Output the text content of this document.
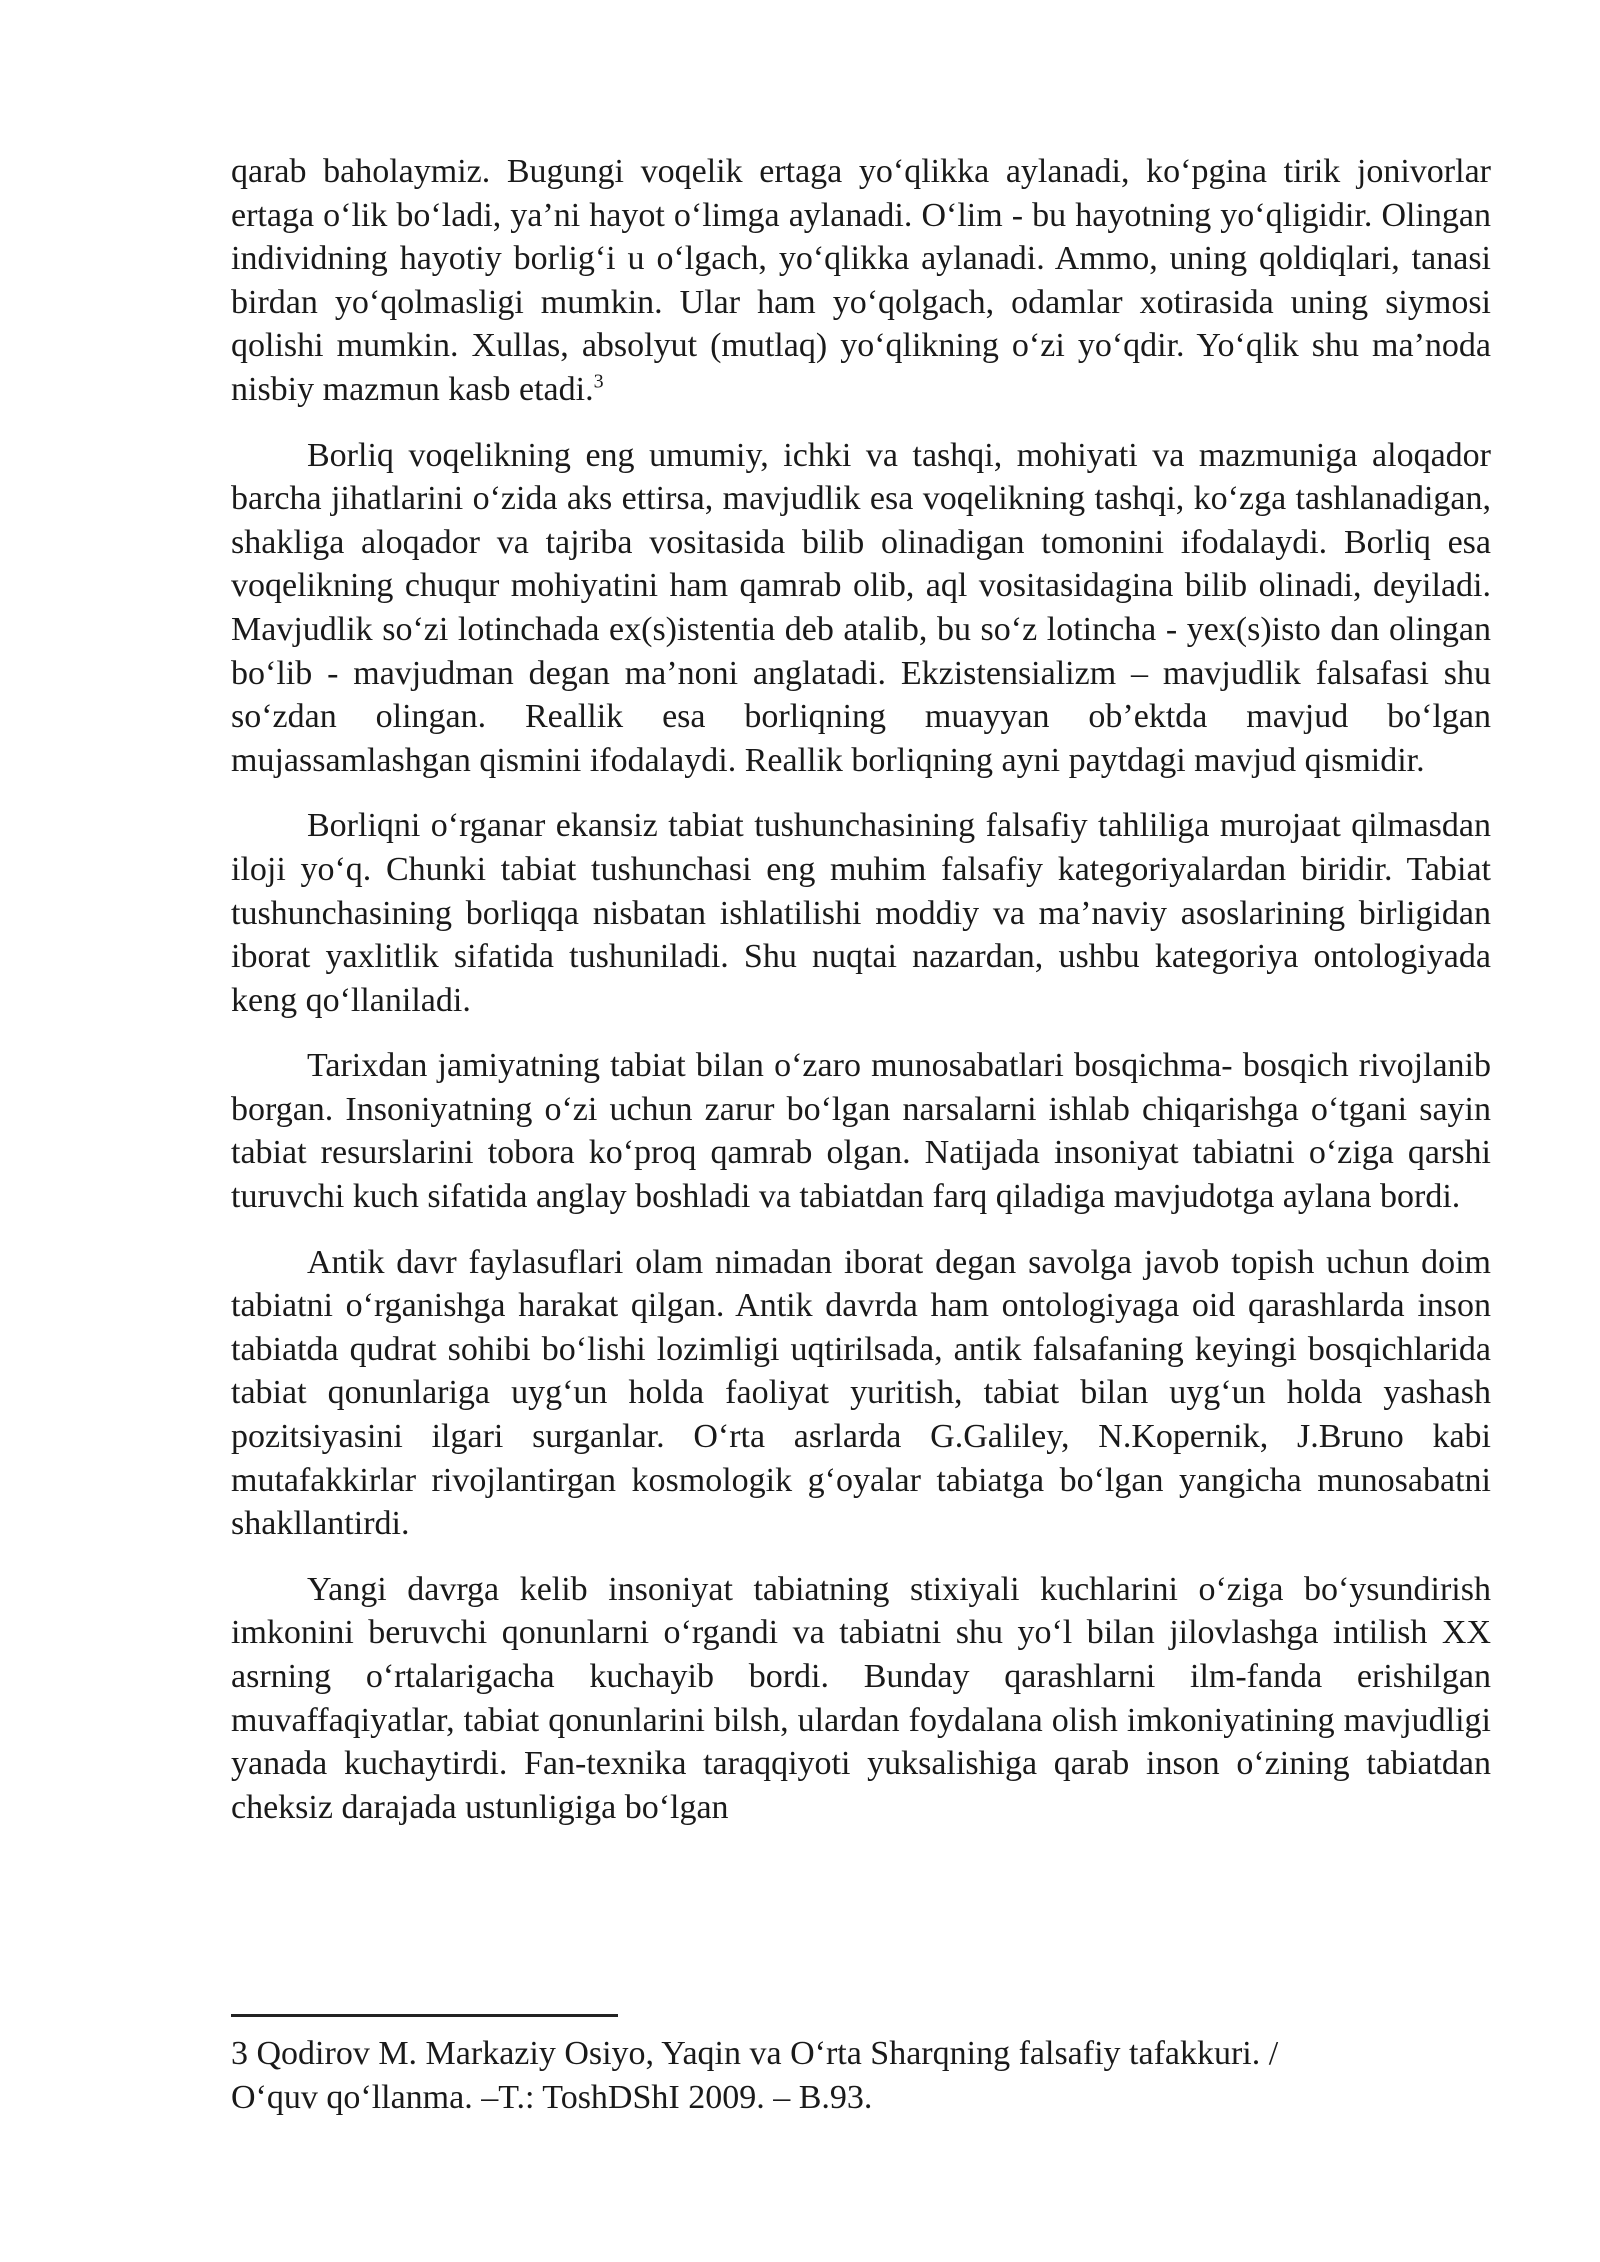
qarab baholaymiz. Bugungi voqelik ertaga yo‘qlikka aylanadi, ko‘pgina tirik jonivorlar ertaga o‘lik bo‘ladi, ya’ni hayot o‘limga aylanadi. O‘lim - bu hayotning yo‘qligidir. Olingan individning hayotiy borlig‘i u o‘lgach, yo‘qlikka aylanadi. Ammo, uning qoldiqlari, tanasi birdan yo‘qolmasligi mumkin. Ular ham yo‘qolgach, odamlar xotirasida uning siymosi qolishi mumkin. Xullas, absolyut (mutlaq) yo‘qlikning o‘zi yo‘qdir. Yo‘qlik shu ma’noda nisbiy mazmun kasb etadi.$^3$

Borliq voqelikning eng umumiy, ichki va tashqi, mohiyati va mazmuniga aloqador barcha jihatlarini o‘zida aks ettirsa, mavjudlik esa voqelikning tashqi, ko‘zga tashlanadigan, shakliga aloqador va tajriba vositasida bilib olinadigan tomonini ifodalaydi. Borliq esa voqelikning chuqur mohiyatini ham qamrab olib, aql vositasidagina bilib olinadi, deyiladi. Mavjudlik so‘zi lotinchada ex(s)istentia deb atalib, bu so‘z lotincha - yex(s)isto dan olingan bo‘lib - mavjudman degan ma’noni anglatadi. Ekzistensializm – mavjudlik falsafasi shu so‘zdan olingan. Reallik esa borliqning muayyan ob’ektda mavjud bo‘lgan mujassamlashgan qismini ifodalaydi. Reallik borliqning ayni paytdagi mavjud qismidir.

Borliqni o‘rganar ekansiz tabiat tushunchasining falsafiy tahliliga murojaat qilmasdan iloji yo‘q. Chunki tabiat tushunchasi eng muhim falsafiy kategoriyalardan biridir. Tabiat tushunchasining borliqqa nisbatan ishlatilishi moddiy va ma’naviy asoslarining birligidan iborat yaxlitlik sifatida tushuniladi. Shu nuqtai nazardan, ushbu kategoriya ontologiyada keng qo‘llaniladi.

Tarixdan jamiyatning tabiat bilan o‘zaro munosabatlari bosqichma- bosqich rivojlanib borgan. Insoniyatning o‘zi uchun zarur bo‘lgan narsalarni ishlab chiqarishga o‘tgani sayin tabiat resurslarini tobora ko‘proq qamrab olgan. Natijada insoniyat tabiatni o‘ziga qarshi turuvchi kuch sifatida anglay boshladi va tabiatdan farq qiladiga mavjudotga aylana bordi.

Antik davr faylasuflari olam nimadan iborat degan savolga javob topish uchun doim tabiatni o‘rganishga harakat qilgan. Antik davrda ham ontologiyaga oid qarashlarda inson tabiatda qudrat sohibi bo‘lishi lozimligi uqtirilsada, antik falsafaning keyingi bosqichlarida tabiat qonunlariga uyg‘un holda faoliyat yuritish, tabiat bilan uyg‘un holda yashash pozitsiyasini ilgari surganlar. O‘rta asrlarda G.Galiley, N.Kopernik, J.Bruno kabi mutafakkirlar rivojlantirgan kosmologik g‘oyalar tabiatga bo‘lgan yangicha munosabatni shakllantirdi.

Yangi davrga kelib insoniyat tabiatning stixiyali kuchlarini o‘ziga bo‘ysundirish imkonini beruvchi qonunlarni o‘rgandi va tabiatni shu yo‘l bilan jilovlashga intilish XX asrning o‘rtalarigacha kuchayib bordi. Bunday qarashlarni ilm-fanda erishilgan muvaffaqiyatlar, tabiat qonunlarini bilsh, ulardan foydalana olish imkoniyatining mavjudligi yanada kuchaytirdi. Fan-texnika taraqqiyoti yuksalishiga qarab inson o‘zining tabiatdan cheksiz darajada ustunligiga bo‘lgan

3 Qodirov M. Markaziy Osiyo, Yaqin va O‘rta Sharqning falsafiy tafakkuri. /
O‘quv qo‘llanma. –T.: ToshDShI 2009. – B.93.
